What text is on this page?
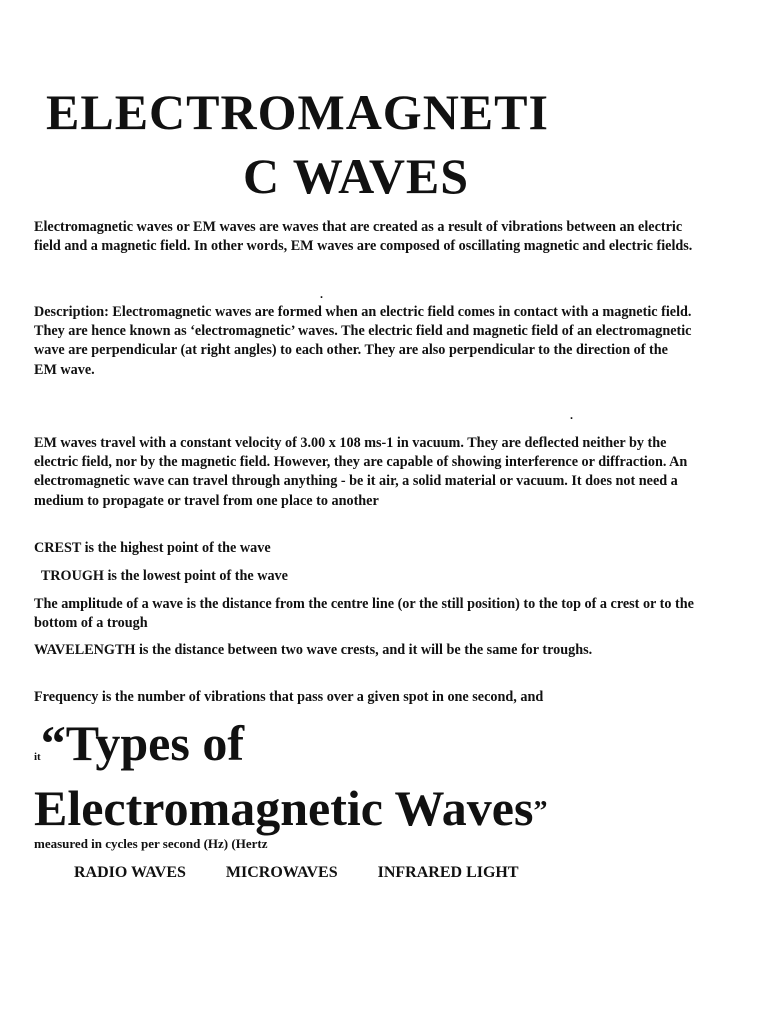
ELECTROMAGNETI
C WAVES

Electromagnetic waves or EM waves are waves that are created as a result of vibrations between an electric field and a magnetic field. In other words, EM waves are composed of oscillating magnetic and electric fields.

.

Description: Electromagnetic waves are formed when an electric field comes in contact with a magnetic field. They are hence known as ‘electromagnetic’ waves. The electric field and magnetic field of an electromagnetic wave are perpendicular (at right angles) to each other. They are also perpendicular to the direction of the EM wave.

.

EM waves travel with a constant velocity of 3.00 x 108 ms-1 in vacuum. They are deflected neither by the electric field, nor by the magnetic field. However, they are capable of showing interference or diffraction. An electromagnetic wave can travel through anything - be it air, a solid material or vacuum. It does not need a medium to propagate or travel from one place to another

CREST is the highest point of the wave

TROUGH is the lowest point of the wave

The amplitude of a wave is the distance from the centre line (or the still position) to the top of a crest or to the bottom of a trough

WAVELENGTH is the distance between two wave crests, and it will be the same for troughs.

Frequency is the number of vibrations that pass over a given spot in one second, and

it“Types of
Electromagnetic Waves”
measured in cycles per second (Hz) (Hertz
RADIO WAVES	MICROWAVES	INFRARED LIGHT
